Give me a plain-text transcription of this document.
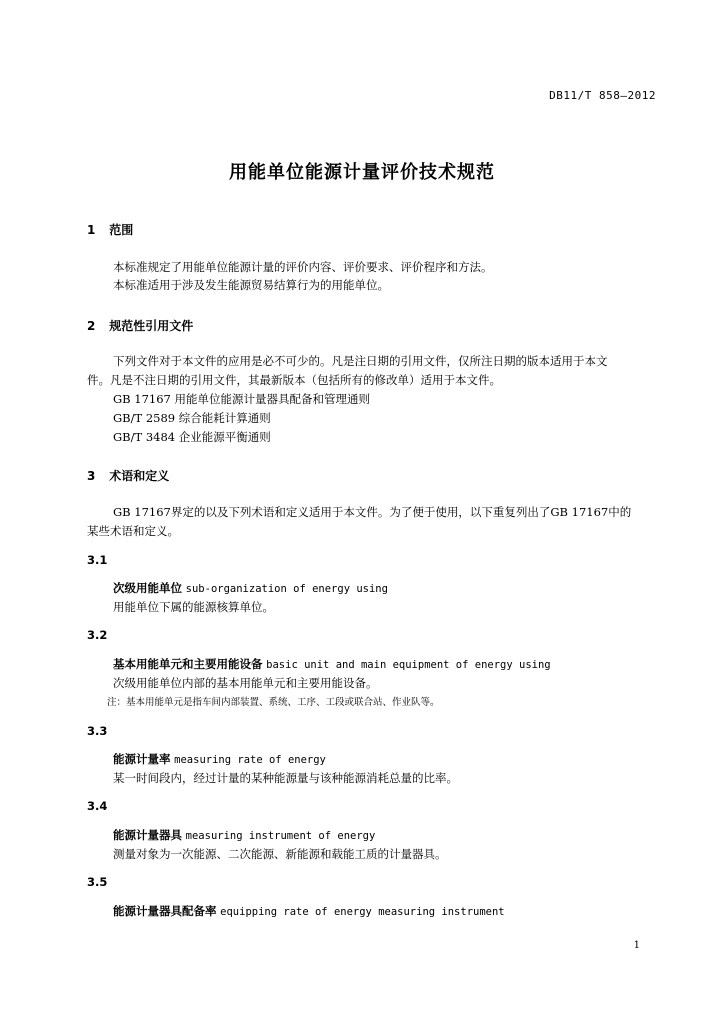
DB11/T 858—2012
用能单位能源计量评价技术规范
1 范围
本标准规定了用能单位能源计量的评价内容、评价要求、评价程序和方法。
本标准适用于涉及发生能源贸易结算行为的用能单位。
2 规范性引用文件
下列文件对于本文件的应用是必不可少的。凡是注日期的引用文件，仅所注日期的版本适用于本文
件。凡是不注日期的引用文件，其最新版本（包括所有的修改单）适用于本文件。
GB 17167 用能单位能源计量器具配备和管理通则
GB/T 2589 综合能耗计算通则
GB/T 3484 企业能源平衡通则
3 术语和定义
GB 17167界定的以及下列术语和定义适用于本文件。为了便于使用，以下重复列出了GB 17167中的
某些术语和定义。
3.1
次级用能单位 sub-organization of energy using
用能单位下属的能源核算单位。
3.2
基本用能单元和主要用能设备 basic unit and main equipment of energy using
次级用能单位内部的基本用能单元和主要用能设备。
注：基本用能单元是指车间内部装置、系统、工序、工段或联合站、作业队等。
3.3
能源计量率 measuring rate of energy
某一时间段内，经过计量的某种能源量与该种能源消耗总量的比率。
3.4
能源计量器具 measuring instrument of energy
测量对象为一次能源、二次能源、新能源和载能工质的计量器具。
3.5
能源计量器具配备率 equipping rate of energy measuring instrument
1
